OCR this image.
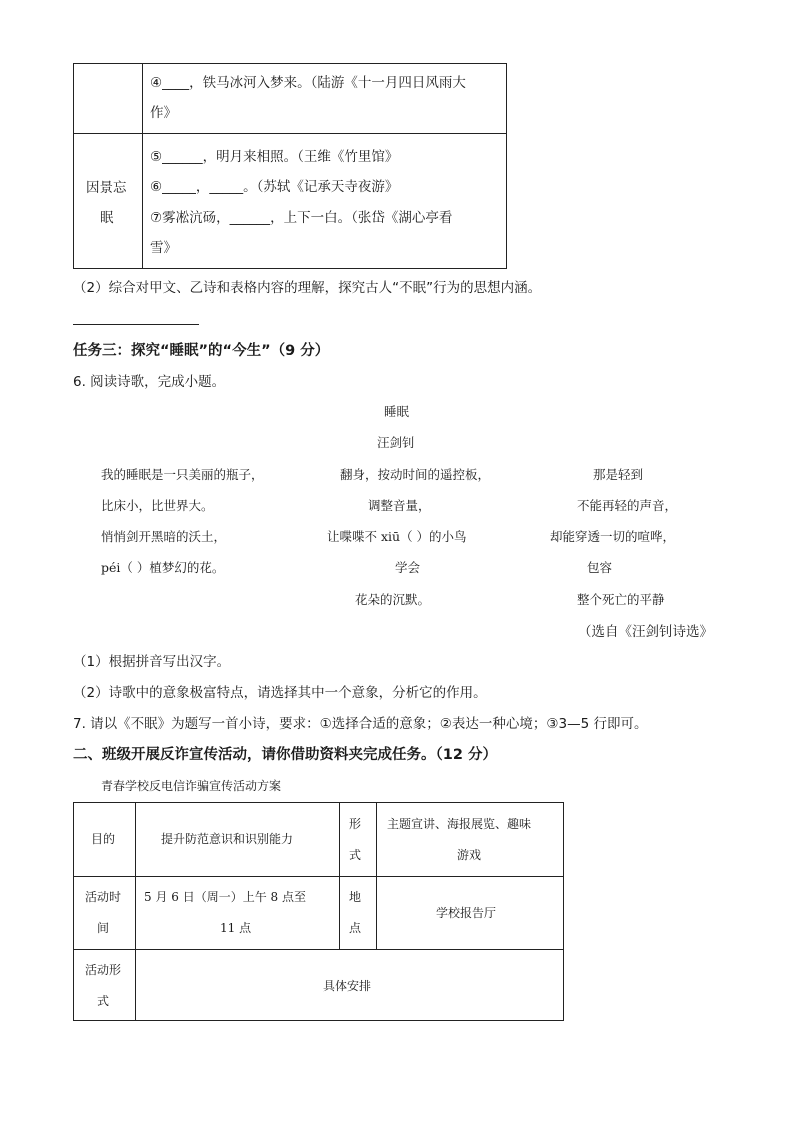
④____，铁马冰河入梦来。（陆游《十一月四日风雨大
作》
因景忘
眠
⑤______，明月来相照。（王维《竹里馆》
⑥_____，_____。（苏轼《记承天寺夜游》
⑦雾凇沆砀，______，上下一白。（张岱《湖心亭看
雪》
（2）综合对甲文、乙诗和表格内容的理解，探究古人“不眠”行为的思想内涵。
任务三：探究“睡眠”的“今生”（9 分）
6. 阅读诗歌，完成小题。
睡眠
汪剑钊
我的睡眠是一只美丽的瓶子，
比床小，比世界大。
悄悄剑开黑暗的沃土，
péi（ ）植梦幻的花。
翻身，按动时间的遥控板，
调整音量，
让喋喋不 xiū（ ）的小鸟
学会
花朵的沉默。
那是轻到
不能再轻的声音，
却能穿透一切的喧哗，
包容
整个死亡的平静
（选自《汪剑钊诗选》
（1）根据拼音写出汉字。
（2）诗歌中的意象极富特点，请选择其中一个意象，分析它的作用。
7. 请以《不眠》为题写一首小诗，要求：①选择合适的意象；②表达一种心境；③3—5 行即可。
二、班级开展反诈宣传活动，请你借助资料夹完成任务。（12 分）
青春学校反电信诈骗宣传活动方案
目的	提升防范意识和识别能力
形
式
主题宣讲、海报展览、趣味
游戏
活动时
间
5 月 6 日（周一）上午 8 点至
11 点
地
点
学校报告厅
活动形
式
具体安排
